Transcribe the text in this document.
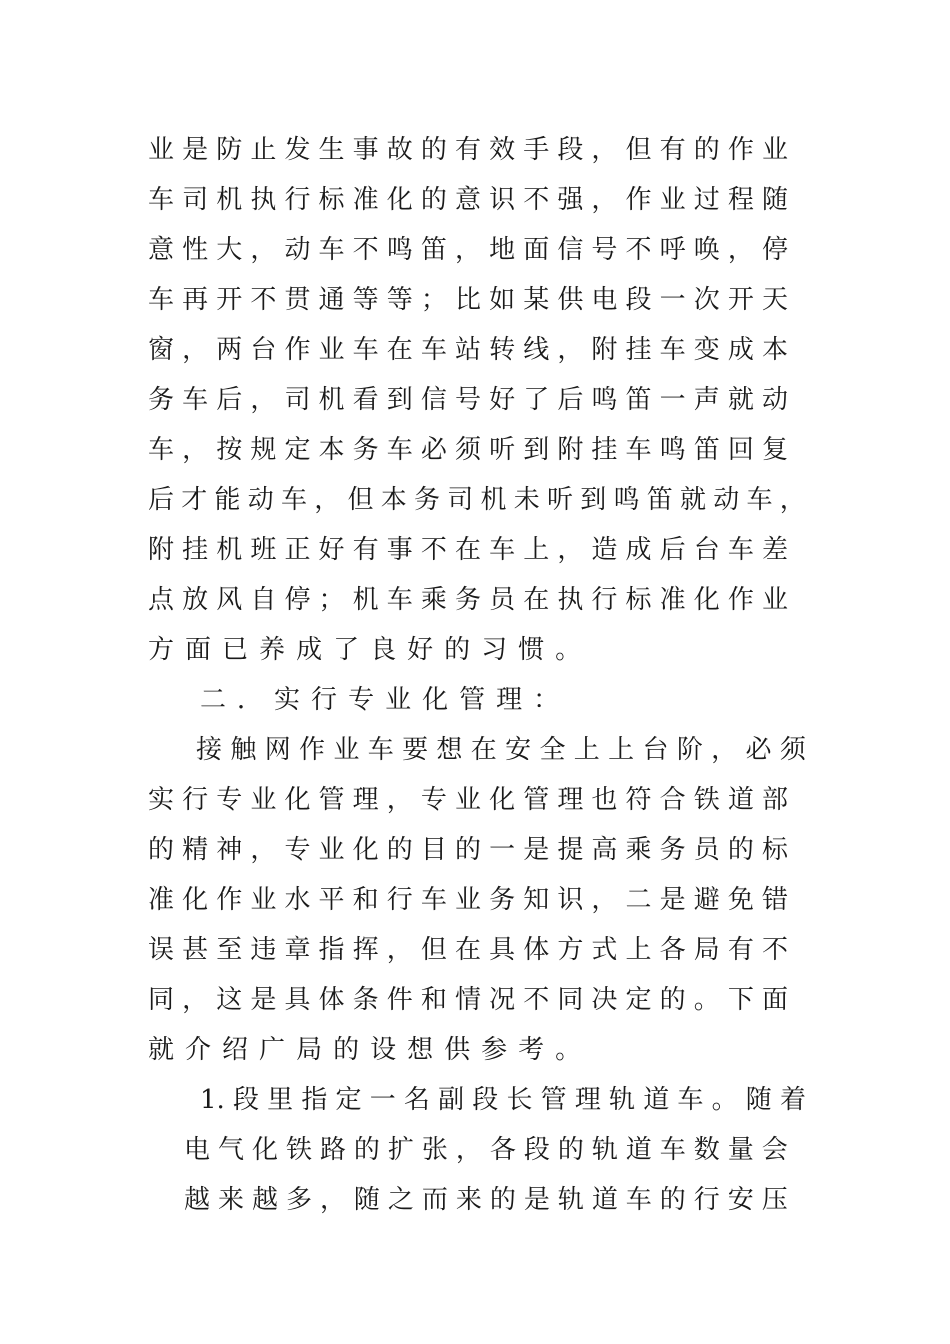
业 是 防 止 发 生 事 故 的 有 效 手 段 ， 但 有 的 作 业
车 司 机 执 行 标 准 化 的 意 识 不 强 ， 作 业 过 程 随
意 性 大 ， 动 车 不 鸣 笛 ， 地 面 信 号 不 呼 唤 ， 停
车 再 开 不 贯 通 等 等 ； 比 如 某 供 电 段 一 次 开 天
窗 ， 两 台 作 业 车 在 车 站 转 线 ， 附 挂 车 变 成 本
务 车 后 ， 司 机 看 到 信 号 好 了 后 鸣 笛 一 声 就 动
车 ， 按 规 定 本 务 车 必 须 听 到 附 挂 车 鸣 笛 回 复
后 才 能 动 车 ， 但 本 务 司 机 未 听 到 鸣 笛 就 动 车 ，
附 挂 机 班 正 好 有 事 不 在 车 上 ， 造 成 后 台 车 差
点 放 风 自 停 ； 机 车 乘 务 员 在 执 行 标 准 化 作 业
方 面 已 养 成 了 良 好 的 习 惯 。
二 ． 实 行 专 业 化 管 理 ：
接 触 网 作 业 车 要 想 在 安 全 上 上 台 阶 ， 必 须
实 行 专 业 化 管 理 ， 专 业 化 管 理 也 符 合 铁 道 部
的 精 神 ， 专 业 化 的 目 的 一 是 提 高 乘 务 员 的 标
准 化 作 业 水 平 和 行 车 业 务 知 识 ， 二 是 避 免 错
误 甚 至 违 章 指 挥 ， 但 在 具 体 方 式 上 各 局 有 不
同 ， 这 是 具 体 条 件 和 情 况 不 同 决 定 的 。 下 面
就 介 绍 广 局 的 设 想 供 参 考 。
1. 段 里 指 定 一 名 副 段 长 管 理 轨 道 车 。 随 着
电 气 化 铁 路 的 扩 张 ， 各 段 的 轨 道 车 数 量 会
越 来 越 多 ， 随 之 而 来 的 是 轨 道 车 的 行 安 压
